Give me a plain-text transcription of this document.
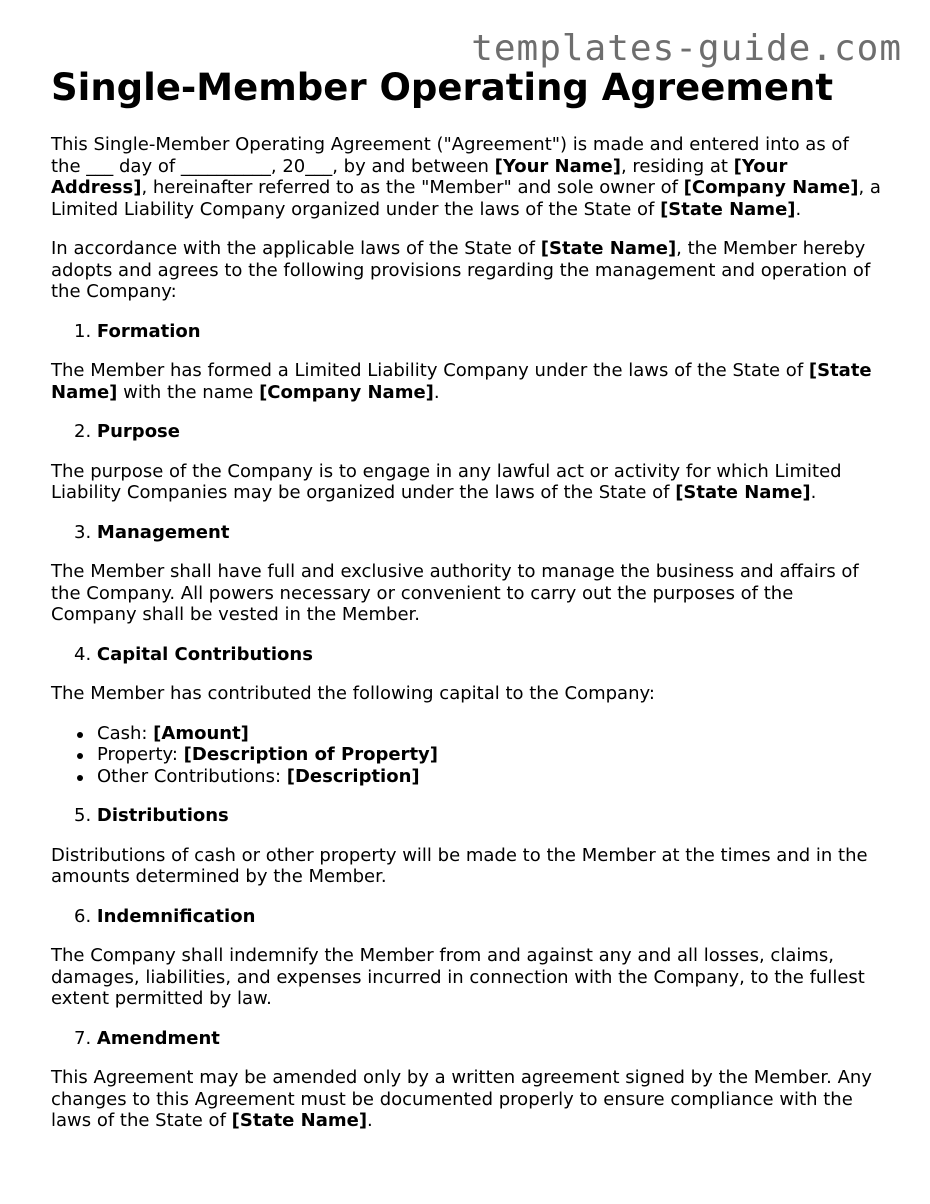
templates-guide.com
Single-Member Operating Agreement

This Single-Member Operating Agreement ("Agreement") is made and entered into as of the ___ day of __________, 20___, by and between [Your Name], residing at [Your Address], hereinafter referred to as the "Member" and sole owner of [Company Name], a Limited Liability Company organized under the laws of the State of [State Name].

In accordance with the applicable laws of the State of [State Name], the Member hereby adopts and agrees to the following provisions regarding the management and operation of the Company:

1. Formation

The Member has formed a Limited Liability Company under the laws of the State of [State Name] with the name [Company Name].

2. Purpose

The purpose of the Company is to engage in any lawful act or activity for which Limited Liability Companies may be organized under the laws of the State of [State Name].

3. Management

The Member shall have full and exclusive authority to manage the business and affairs of the Company. All powers necessary or convenient to carry out the purposes of the Company shall be vested in the Member.

4. Capital Contributions

The Member has contributed the following capital to the Company:

Cash: [Amount]
Property: [Description of Property]
Other Contributions: [Description]
5. Distributions

Distributions of cash or other property will be made to the Member at the times and in the amounts determined by the Member.

6. Indemnification

The Company shall indemnify the Member from and against any and all losses, claims, damages, liabilities, and expenses incurred in connection with the Company, to the fullest extent permitted by law.

7. Amendment

This Agreement may be amended only by a written agreement signed by the Member. Any changes to this Agreement must be documented properly to ensure compliance with the laws of the State of [State Name].
